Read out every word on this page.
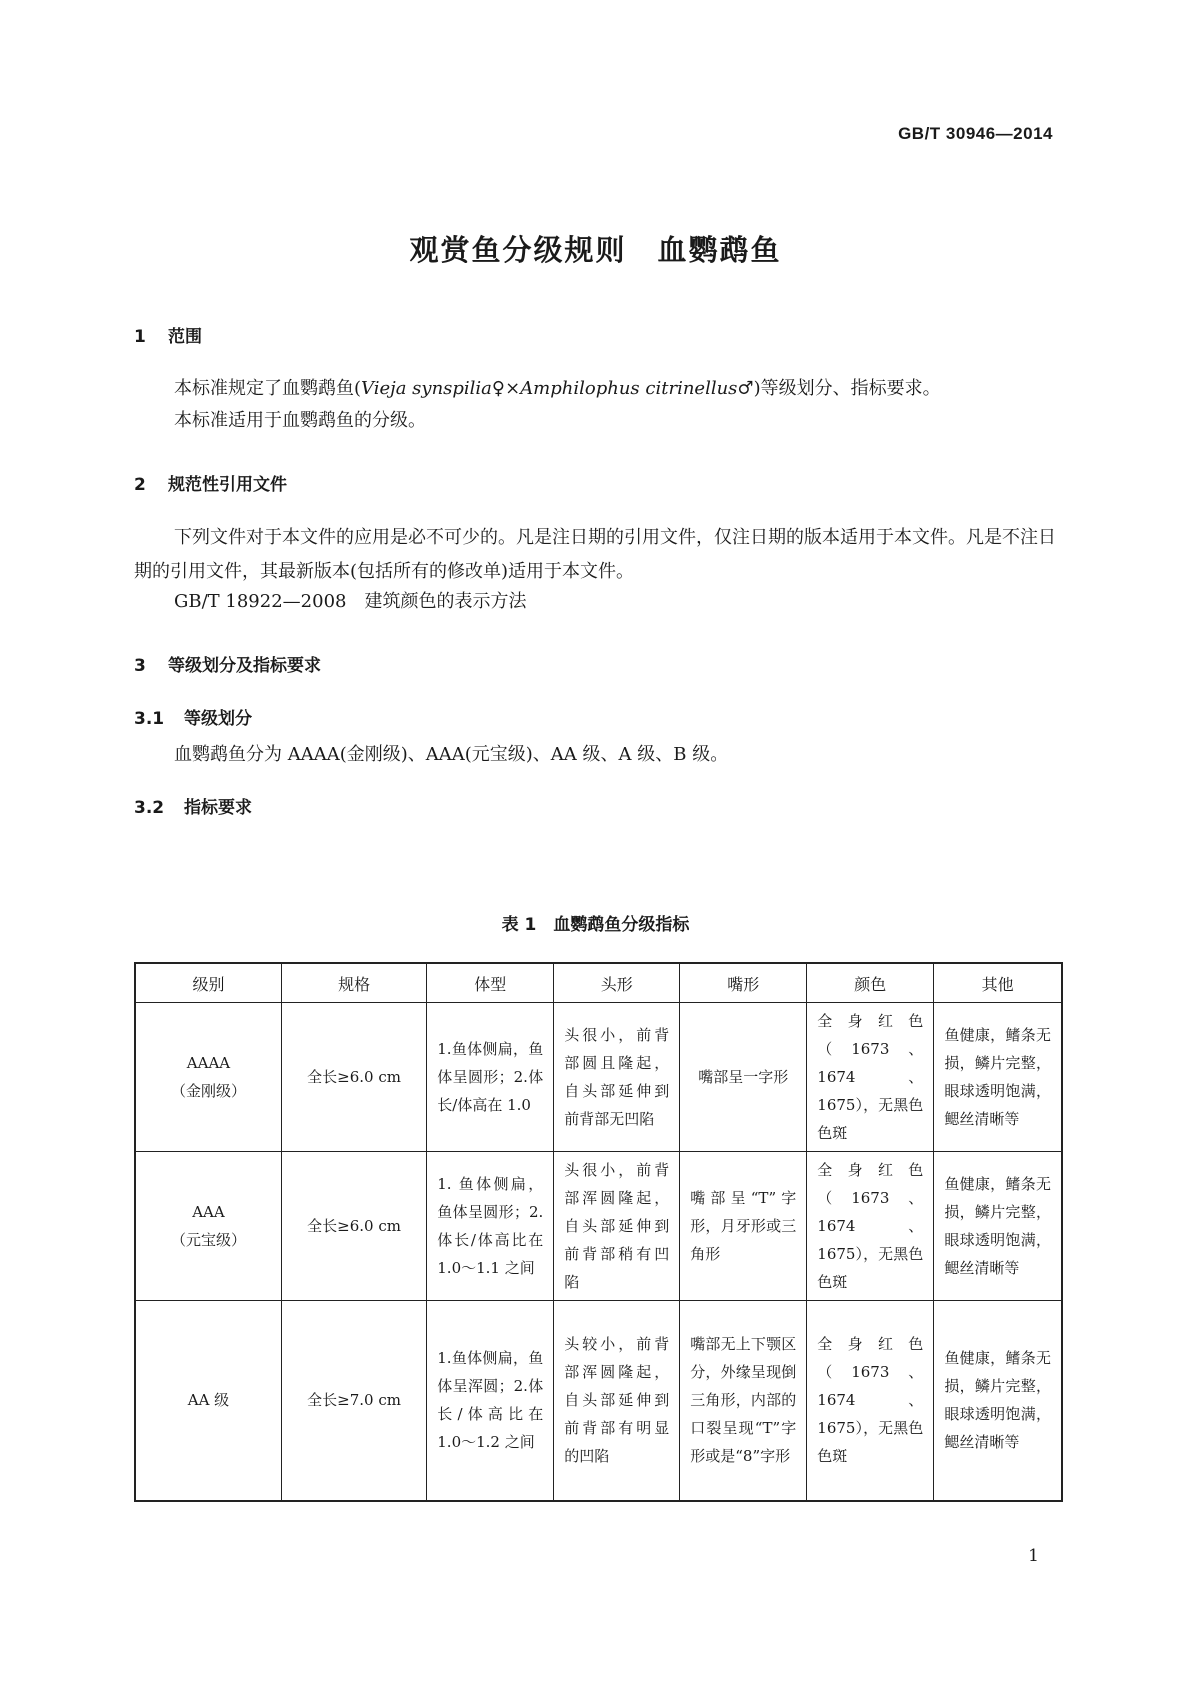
GB/T 30946—2014
观赏鱼分级规则　血鹦鹉鱼
1 范围
本标准规定了血鹦鹉鱼(Vieja synspilia♀×Amphilophus citrinellus♂)等级划分、指标要求。
本标准适用于血鹦鹉鱼的分级。
2 规范性引用文件
下列文件对于本文件的应用是必不可少的。凡是注日期的引用文件，仅注日期的版本适用于本文件。凡是不注日期的引用文件，其最新版本(包括所有的修改单)适用于本文件。
GB/T 18922—2008　建筑颜色的表示方法
3 等级划分及指标要求
3.1 等级划分
血鹦鹉鱼分为 AAAA(金刚级)、AAA(元宝级)、AA 级、A 级、B 级。
3.2 指标要求
表 1　血鹦鹉鱼分级指标
级别	规格	体型	头形	嘴形	颜色	其他

AAAA
（金刚级）	全长≥6.0 cm	1.鱼体侧扁，鱼体呈圆形；2.体长/体高在 1.0	头很小，前背部圆且隆起，自头部延伸到前背部无凹陷	嘴部呈一字形	全身红色（1673、1674、1675），无黑色色斑	鱼健康，鳍条无损，鳞片完整，眼球透明饱满，鳃丝清晰等

AAA
（元宝级）	全长≥6.0 cm	1. 鱼体侧扁，鱼体呈圆形；2.体长/体高比在 1.0～1.1 之间	头很小，前背部浑圆隆起，自头部延伸到前背部稍有凹陷	嘴部呈“T”字形，月牙形或三角形	全身红色（1673、1674、1675），无黑色色斑	鱼健康，鳍条无损，鳞片完整，眼球透明饱满，鳃丝清晰等

AA 级	全长≥7.0 cm	1.鱼体侧扁，鱼体呈浑圆；2.体长/体高比在 1.0～1.2 之间	头较小，前背部浑圆隆起，自头部延伸到前背部有明显的凹陷	嘴部无上下颚区分，外缘呈现倒三角形，内部的口裂呈现“T”字形或是“8”字形	全身红色（1673、1674、1675），无黑色色斑	鱼健康，鳍条无损，鳞片完整，眼球透明饱满，鳃丝清晰等
1
